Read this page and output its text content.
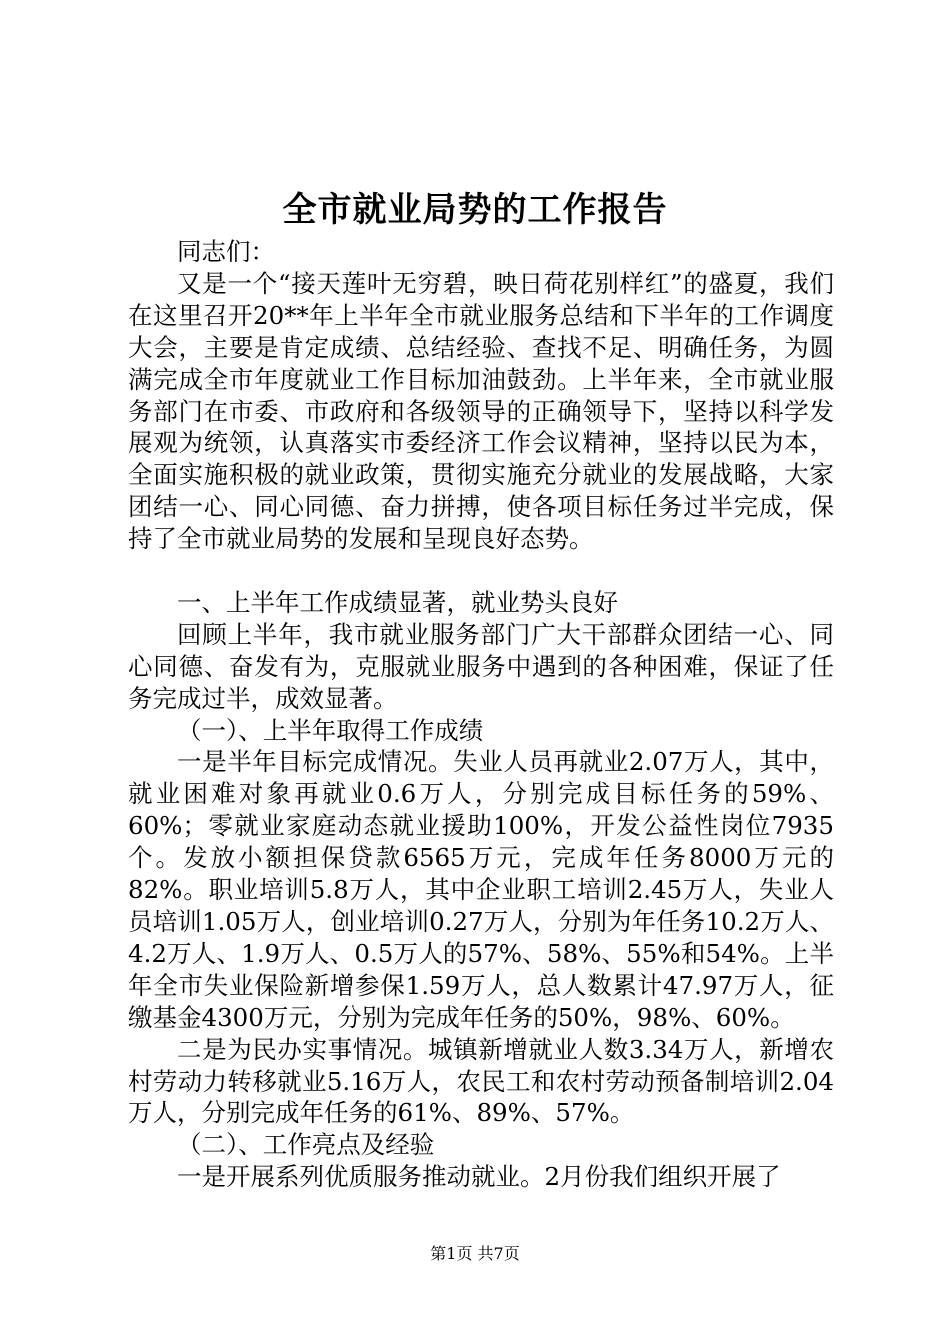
全市就业局势的工作报告

同志们：

又是一个“接天莲叶无穷碧，映日荷花别样红”的盛夏，我们在这里召开20**年上半年全市就业服务总结和下半年的工作调度大会，主要是肯定成绩、总结经验、查找不足、明确任务，为圆满完成全市年度就业工作目标加油鼓劲。上半年来，全市就业服务部门在市委、市政府和各级领导的正确领导下，坚持以科学发展观为统领，认真落实市委经济工作会议精神，坚持以民为本，全面实施积极的就业政策，贯彻实施充分就业的发展战略，大家团结一心、同心同德、奋力拼搏，使各项目标任务过半完成，保持了全市就业局势的发展和呈现良好态势。

一、上半年工作成绩显著，就业势头良好

回顾上半年，我市就业服务部门广大干部群众团结一心、同心同德、奋发有为，克服就业服务中遇到的各种困难，保证了任务完成过半，成效显著。

（一）、上半年取得工作成绩

一是半年目标完成情况。失业人员再就业2.07万人，其中，就业困难对象再就业0.6万人，分别完成目标任务的59%、60%；零就业家庭动态就业援助100%，开发公益性岗位7935个。发放小额担保贷款6565万元，完成年任务8000万元的82%。职业培训5.8万人，其中企业职工培训2.45万人，失业人员培训1.05万人，创业培训0.27万人，分别为年任务10.2万人、4.2万人、1.9万人、0.5万人的57%、58%、55%和54%。上半年全市失业保险新增参保1.59万人，总人数累计47.97万人，征缴基金4300万元，分别为完成年任务的50%，98%、60%。

二是为民办实事情况。城镇新增就业人数3.34万人，新增农村劳动力转移就业5.16万人，农民工和农村劳动预备制培训2.04万人，分别完成年任务的61%、89%、57%。

（二）、工作亮点及经验

一是开展系列优质服务推动就业。2月份我们组织开展了

第1页 共7页
